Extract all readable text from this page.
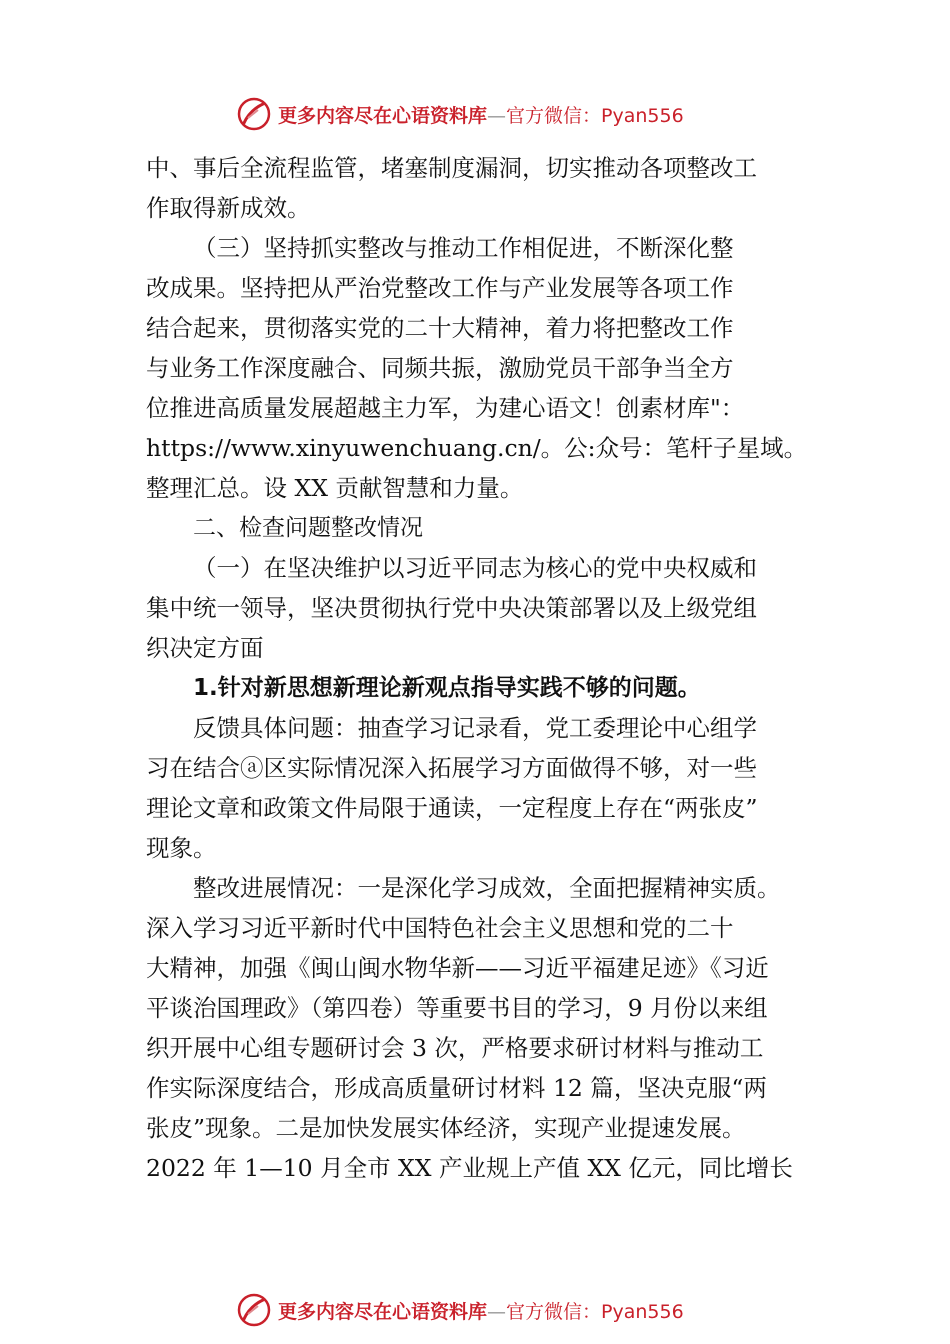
更多内容尽在心语资料库—官方微信：Pyan556
中、事后全流程监管，堵塞制度漏洞，切实推动各项整改工
作取得新成效。
（三）坚持抓实整改与推动工作相促进，不断深化整
改成果。坚持把从严治党整改工作与产业发展等各项工作
结合起来，贯彻落实党的二十大精神，着力将把整改工作
与业务工作深度融合、同频共振，激励党员干部争当全方
位推进高质量发展超越主力军，为建心语文！创素材库"：
https://www.xinyuwenchuang.cn/。公:众号：笔杆子星域。
整理汇总。设 XX 贡献智慧和力量。
二、检查问题整改情况
（一）在坚决维护以习近平同志为核心的党中央权威和
集中统一领导，坚决贯彻执行党中央决策部署以及上级党组
织决定方面
1.针对新思想新理论新观点指导实践不够的问题。
反馈具体问题：抽查学习记录看，党工委理论中心组学
习在结合ⓐ区实际情况深入拓展学习方面做得不够，对一些
理论文章和政策文件局限于通读，一定程度上存在“两张皮”
现象。
整改进展情况：一是深化学习成效，全面把握精神实质。
深入学习习近平新时代中国特色社会主义思想和党的二十
大精神，加强《闽山闽水物华新——习近平福建足迹》《习近
平谈治国理政》（第四卷）等重要书目的学习，9 月份以来组
织开展中心组专题研讨会 3 次，严格要求研讨材料与推动工
作实际深度结合，形成高质量研讨材料 12 篇，坚决克服“两
张皮”现象。二是加快发展实体经济，实现产业提速发展。
2022 年 1—10 月全市 XX 产业规上产值 XX 亿元，同比增长
更多内容尽在心语资料库—官方微信：Pyan556
